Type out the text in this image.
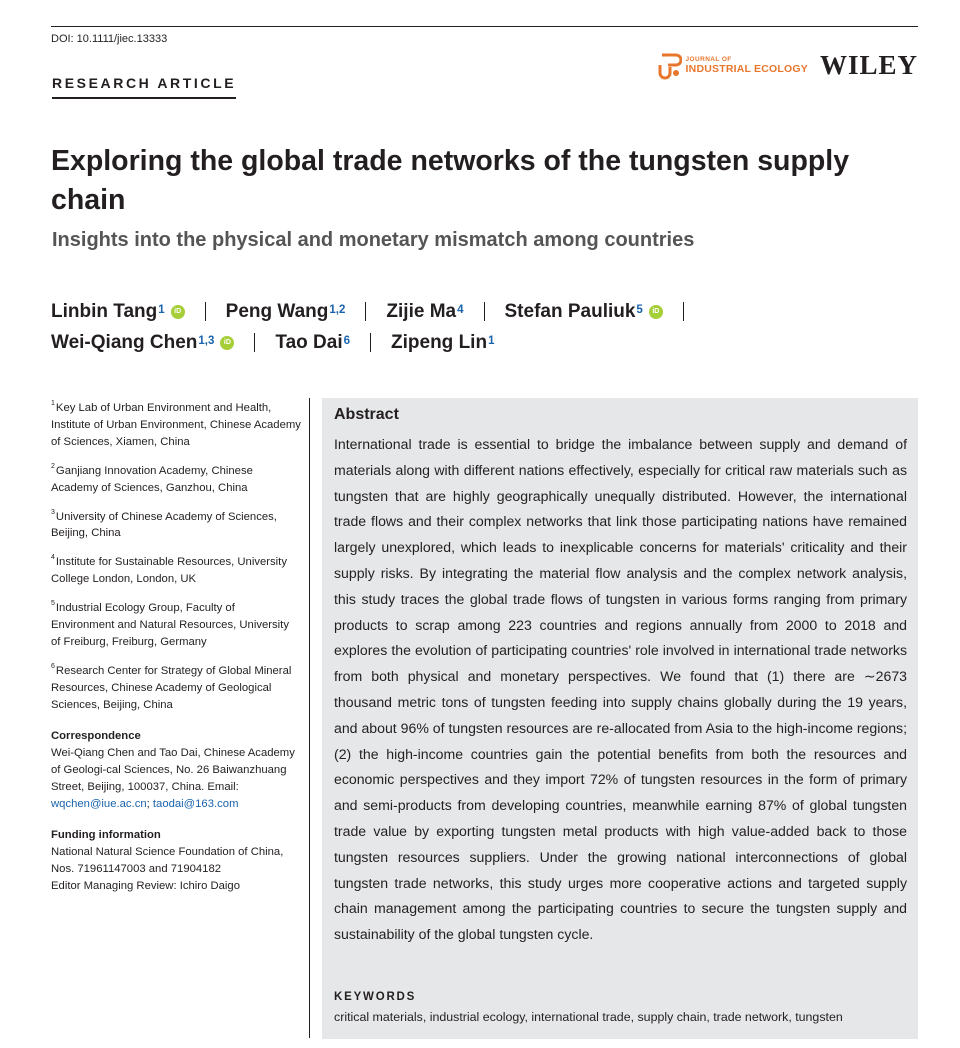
DOI: 10.1111/jiec.13333
RESEARCH ARTICLE
JOURNAL OF
INDUSTRIAL ECOLOGY WILEY
Exploring the global trade networks of the tungsten supply chain
Insights into the physical and monetary mismatch among countries
Linbin Tang$^1$	iD Peng Wang$^{1,2}$ Zijie Ma$^4$ Stefan Pauliuk$^5$	iD
Wei-Qiang Chen$^{1,3}$	iD Tao Dai$^6$ Zipeng Lin$^1$
$^1$Key Lab of Urban Environment and Health, Institute of Urban Environment, Chinese Academy of Sciences, Xiamen, China
$^2$Ganjiang Innovation Academy, Chinese Academy of Sciences, Ganzhou, China
$^3$University of Chinese Academy of Sciences, Beijing, China
$^4$Institute for Sustainable Resources, University College London, London, UK
$^5$Industrial Ecology Group, Faculty of Environment and Natural Resources, University of Freiburg, Freiburg, Germany
$^6$Research Center for Strategy of Global Mineral Resources, Chinese Academy of Geological Sciences, Beijing, China
Correspondence
Wei-Qiang Chen and Tao Dai, Chinese Academy of Geologi-cal Sciences, No. 26 Baiwanzhuang Street, Beijing, 100037, China. Email: wqchen@iue.ac.cn; taodai@163.com
Funding information
National Natural Science Foundation of China, Nos. 71961147003 and 71904182
Editor Managing Review: Ichiro Daigo
Abstract

International trade is essential to bridge the imbalance between supply and demand of materials along with different nations effectively, especially for critical raw materials such as tungsten that are highly geographically unequally distributed. However, the international trade flows and their complex networks that link those participating nations have remained largely unexplored, which leads to inexplicable concerns for materials' criticality and their supply risks. By integrating the material flow analysis and the complex network analysis, this study traces the global trade flows of tungsten in various forms ranging from primary products to scrap among 223 countries and regions annually from 2000 to 2018 and explores the evolution of participating countries' role involved in international trade networks from both physical and monetary perspectives. We found that (1) there are ∼2673 thousand metric tons of tungsten feeding into supply chains globally during the 19 years, and about 96% of tungsten resources are re-allocated from Asia to the high-income regions; (2) the high-income countries gain the potential benefits from both the resources and economic perspectives and they import 72% of tungsten resources in the form of primary and semi-products from developing countries, meanwhile earning 87% of global tungsten trade value by exporting tungsten metal products with high value-added back to those tungsten resources suppliers. Under the growing national interconnections of global tungsten trade networks, this study urges more cooperative actions and targeted supply chain management among the participating countries to secure the tungsten supply and sustainability of the global tungsten cycle.

KEYWORDS
critical materials, industrial ecology, international trade, supply chain, trade network, tungsten
